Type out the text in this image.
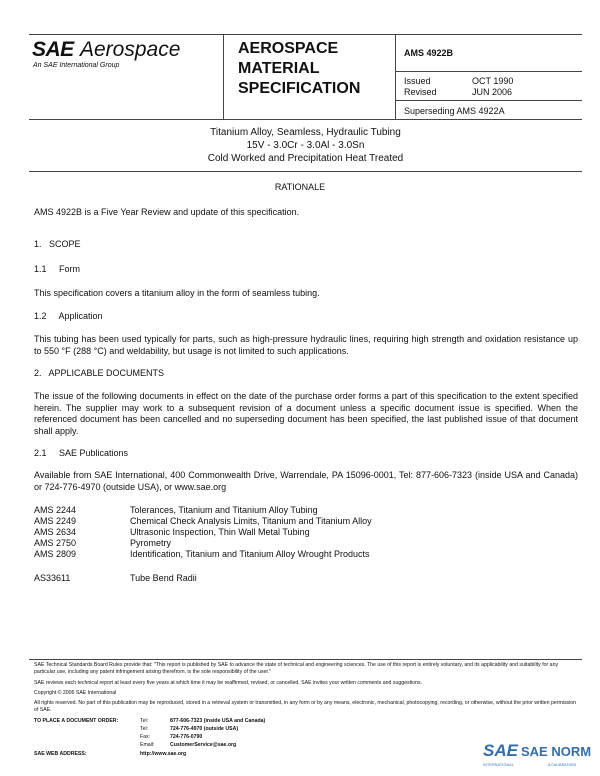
SAE Aerospace
An SAE International Group
AEROSPACE
MATERIAL
SPECIFICATION
AMS 4922B
Issued	OCT 1990
Revised	JUN 2006
Superseding AMS 4922A
Titanium Alloy, Seamless, Hydraulic Tubing
15V - 3.0Cr - 3.0Al - 3.0Sn
Cold Worked and Precipitation Heat Treated
RATIONALE
AMS 4922B is a Five Year Review and update of this specification.
1.   SCOPE
1.1     Form
This specification covers a titanium alloy in the form of seamless tubing.
1.2     Application
This tubing has been used typically for parts, such as high-pressure hydraulic lines, requiring high strength and oxidation resistance up to 550 °F (288 °C) and weldability, but usage is not limited to such applications.
2.   APPLICABLE DOCUMENTS
The issue of the following documents in effect on the date of the purchase order forms a part of this specification to the extent specified herein. The supplier may work to a subsequent revision of a document unless a specific document issue is specified. When the referenced document has been cancelled and no superseding document has been specified, the last published issue of that document shall apply.
2.1     SAE Publications
Available from SAE International, 400 Commonwealth Drive, Warrendale, PA 15096-0001, Tel: 877-606-7323 (inside USA and Canada) or 724-776-4970 (outside USA), or www.sae.org
AMS 2244	Tolerances, Titanium and Titanium Alloy Tubing
AMS 2249	Chemical Check Analysis Limits, Titanium and Titanium Alloy
AMS 2634	Ultrasonic Inspection, Thin Wall Metal Tubing
AMS 2750	Pyrometry
AMS 2809	Identification, Titanium and Titanium Alloy Wrought Products
AS33611	Tube Bend Radii
SAE Technical Standards Board Rules provide that: "This report is published by SAE to advance the state of technical and engineering sciences. The use of this report is entirely voluntary, and its applicability and suitability for any particular use, including any patent infringement arising therefrom, is the sole responsibility of the user."
SAE reviews each technical report at least every five years at which time it may be reaffirmed, revised, or cancelled. SAE invites your written comments and suggestions.
Copyright © 2006 SAE International
All rights reserved. No part of this publication may be reproduced, stored in a retrieval system or transmitted, in any form or by any means, electronic, mechanical, photocopying, recording, or otherwise, without the prior written permission of SAE.
TO PLACE A DOCUMENT ORDER:	Tel:	877-606-7323 (inside USA and Canada)
Tel:	724-776-4970 (outside USA)
Fax:	724-776-0790
Email:	CustomerService@sae.org
SAE WEB ADDRESS:	http://www.sae.org	SAE SAE NORM
INTERNATIONAL	A CALIBRATORS
